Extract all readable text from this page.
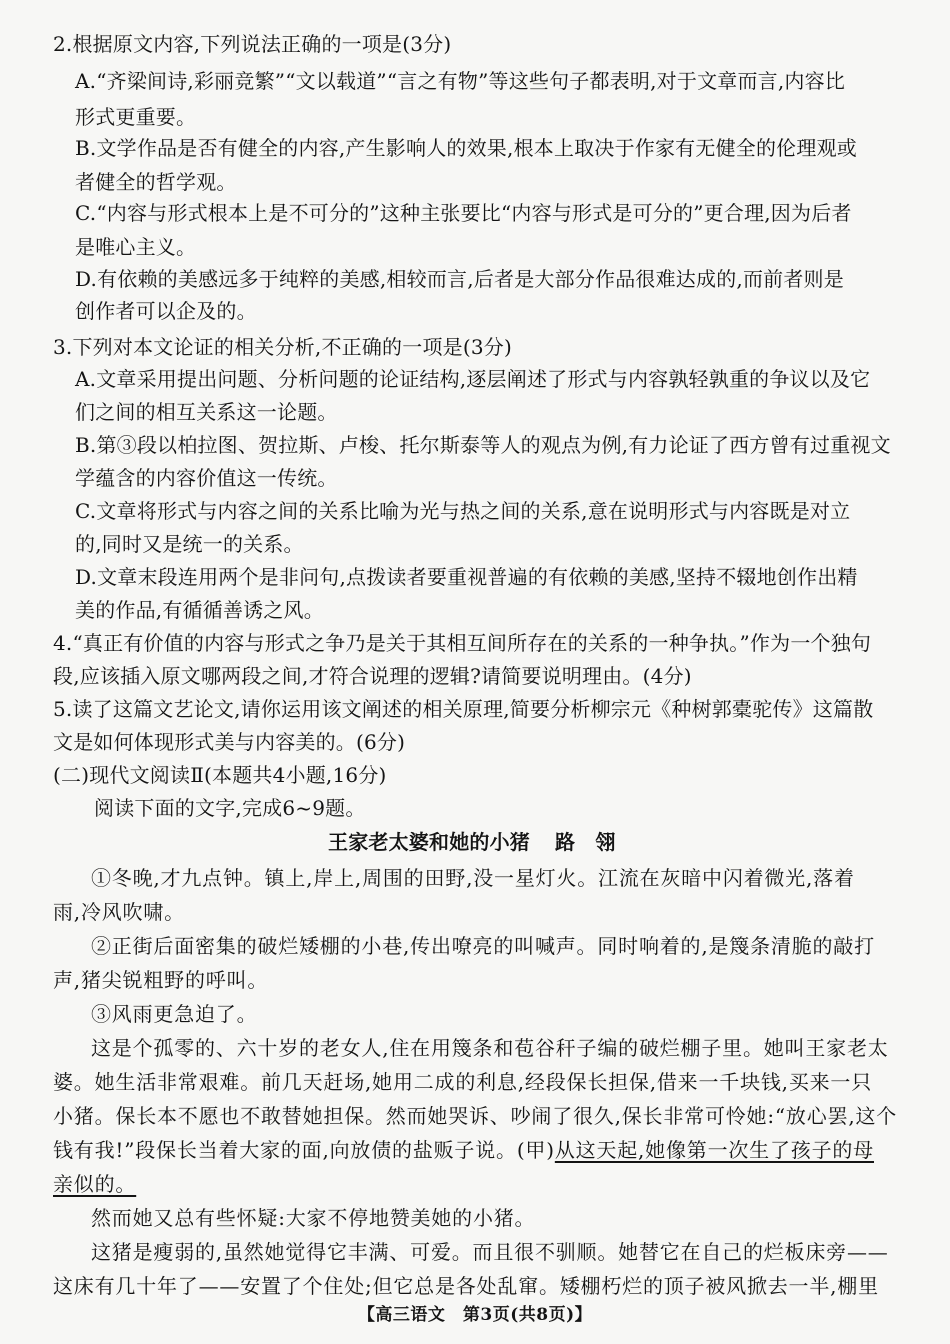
2.根据原文内容,下列说法正确的一项是(3分)
A.“齐梁间诗,彩丽竞繁”“文以载道”“言之有物”等这些句子都表明,对于文章而言,内容比
形式更重要。
B.文学作品是否有健全的内容,产生影响人的效果,根本上取决于作家有无健全的伦理观或
者健全的哲学观。
C.“内容与形式根本上是不可分的”这种主张要比“内容与形式是可分的”更合理,因为后者
是唯心主义。
D.有依赖的美感远多于纯粹的美感,相较而言,后者是大部分作品很难达成的,而前者则是
创作者可以企及的。
3.下列对本文论证的相关分析,不正确的一项是(3分)
A.文章采用提出问题、分析问题的论证结构,逐层阐述了形式与内容孰轻孰重的争议以及它
们之间的相互关系这一论题。
B.第③段以柏拉图、贺拉斯、卢梭、托尔斯泰等人的观点为例,有力论证了西方曾有过重视文
学蕴含的内容价值这一传统。
C.文章将形式与内容之间的关系比喻为光与热之间的关系,意在说明形式与内容既是对立
的,同时又是统一的关系。
D.文章末段连用两个是非问句,点拨读者要重视普遍的有依赖的美感,坚持不辍地创作出精
美的作品,有循循善诱之风。
4.“真正有价值的内容与形式之争乃是关于其相互间所存在的关系的一种争执。”作为一个独句
段,应该插入原文哪两段之间,才符合说理的逻辑?请简要说明理由。(4分)
5.读了这篇文艺论文,请你运用该文阐述的相关原理,简要分析柳宗元《种树郭橐驼传》这篇散
文是如何体现形式美与内容美的。(6分)
(二)现代文阅读Ⅱ(本题共4小题,16分)
阅读下面的文字,完成6~9题。
王家老太婆和她的小猪 路　翎
①冬晚,才九点钟。镇上,岸上,周围的田野,没一星灯火。江流在灰暗中闪着微光,落着
雨,冷风吹啸。
②正街后面密集的破烂矮棚的小巷,传出嘹亮的叫喊声。同时响着的,是篾条清脆的敲打
声,猪尖锐粗野的呼叫。
③风雨更急迫了。
这是个孤零的、六十岁的老女人,住在用篾条和苞谷秆子编的破烂棚子里。她叫王家老太
婆。她生活非常艰难。前几天赶场,她用二成的利息,经段保长担保,借来一千块钱,买来一只
小猪。保长本不愿也不敢替她担保。然而她哭诉、吵闹了很久,保长非常可怜她:“放心罢,这个
钱有我!”段保长当着大家的面,向放债的盐贩子说。(甲)从这天起,她像第一次生了孩子的母
亲似的。
然而她又总有些怀疑:大家不停地赞美她的小猪。
这猪是瘦弱的,虽然她觉得它丰满、可爱。而且很不驯顺。她替它在自己的烂板床旁——
这床有几十年了——安置了个住处;但它总是各处乱窜。矮棚朽烂的顶子被风掀去一半,棚里
【高三语文　第3页(共8页)】
